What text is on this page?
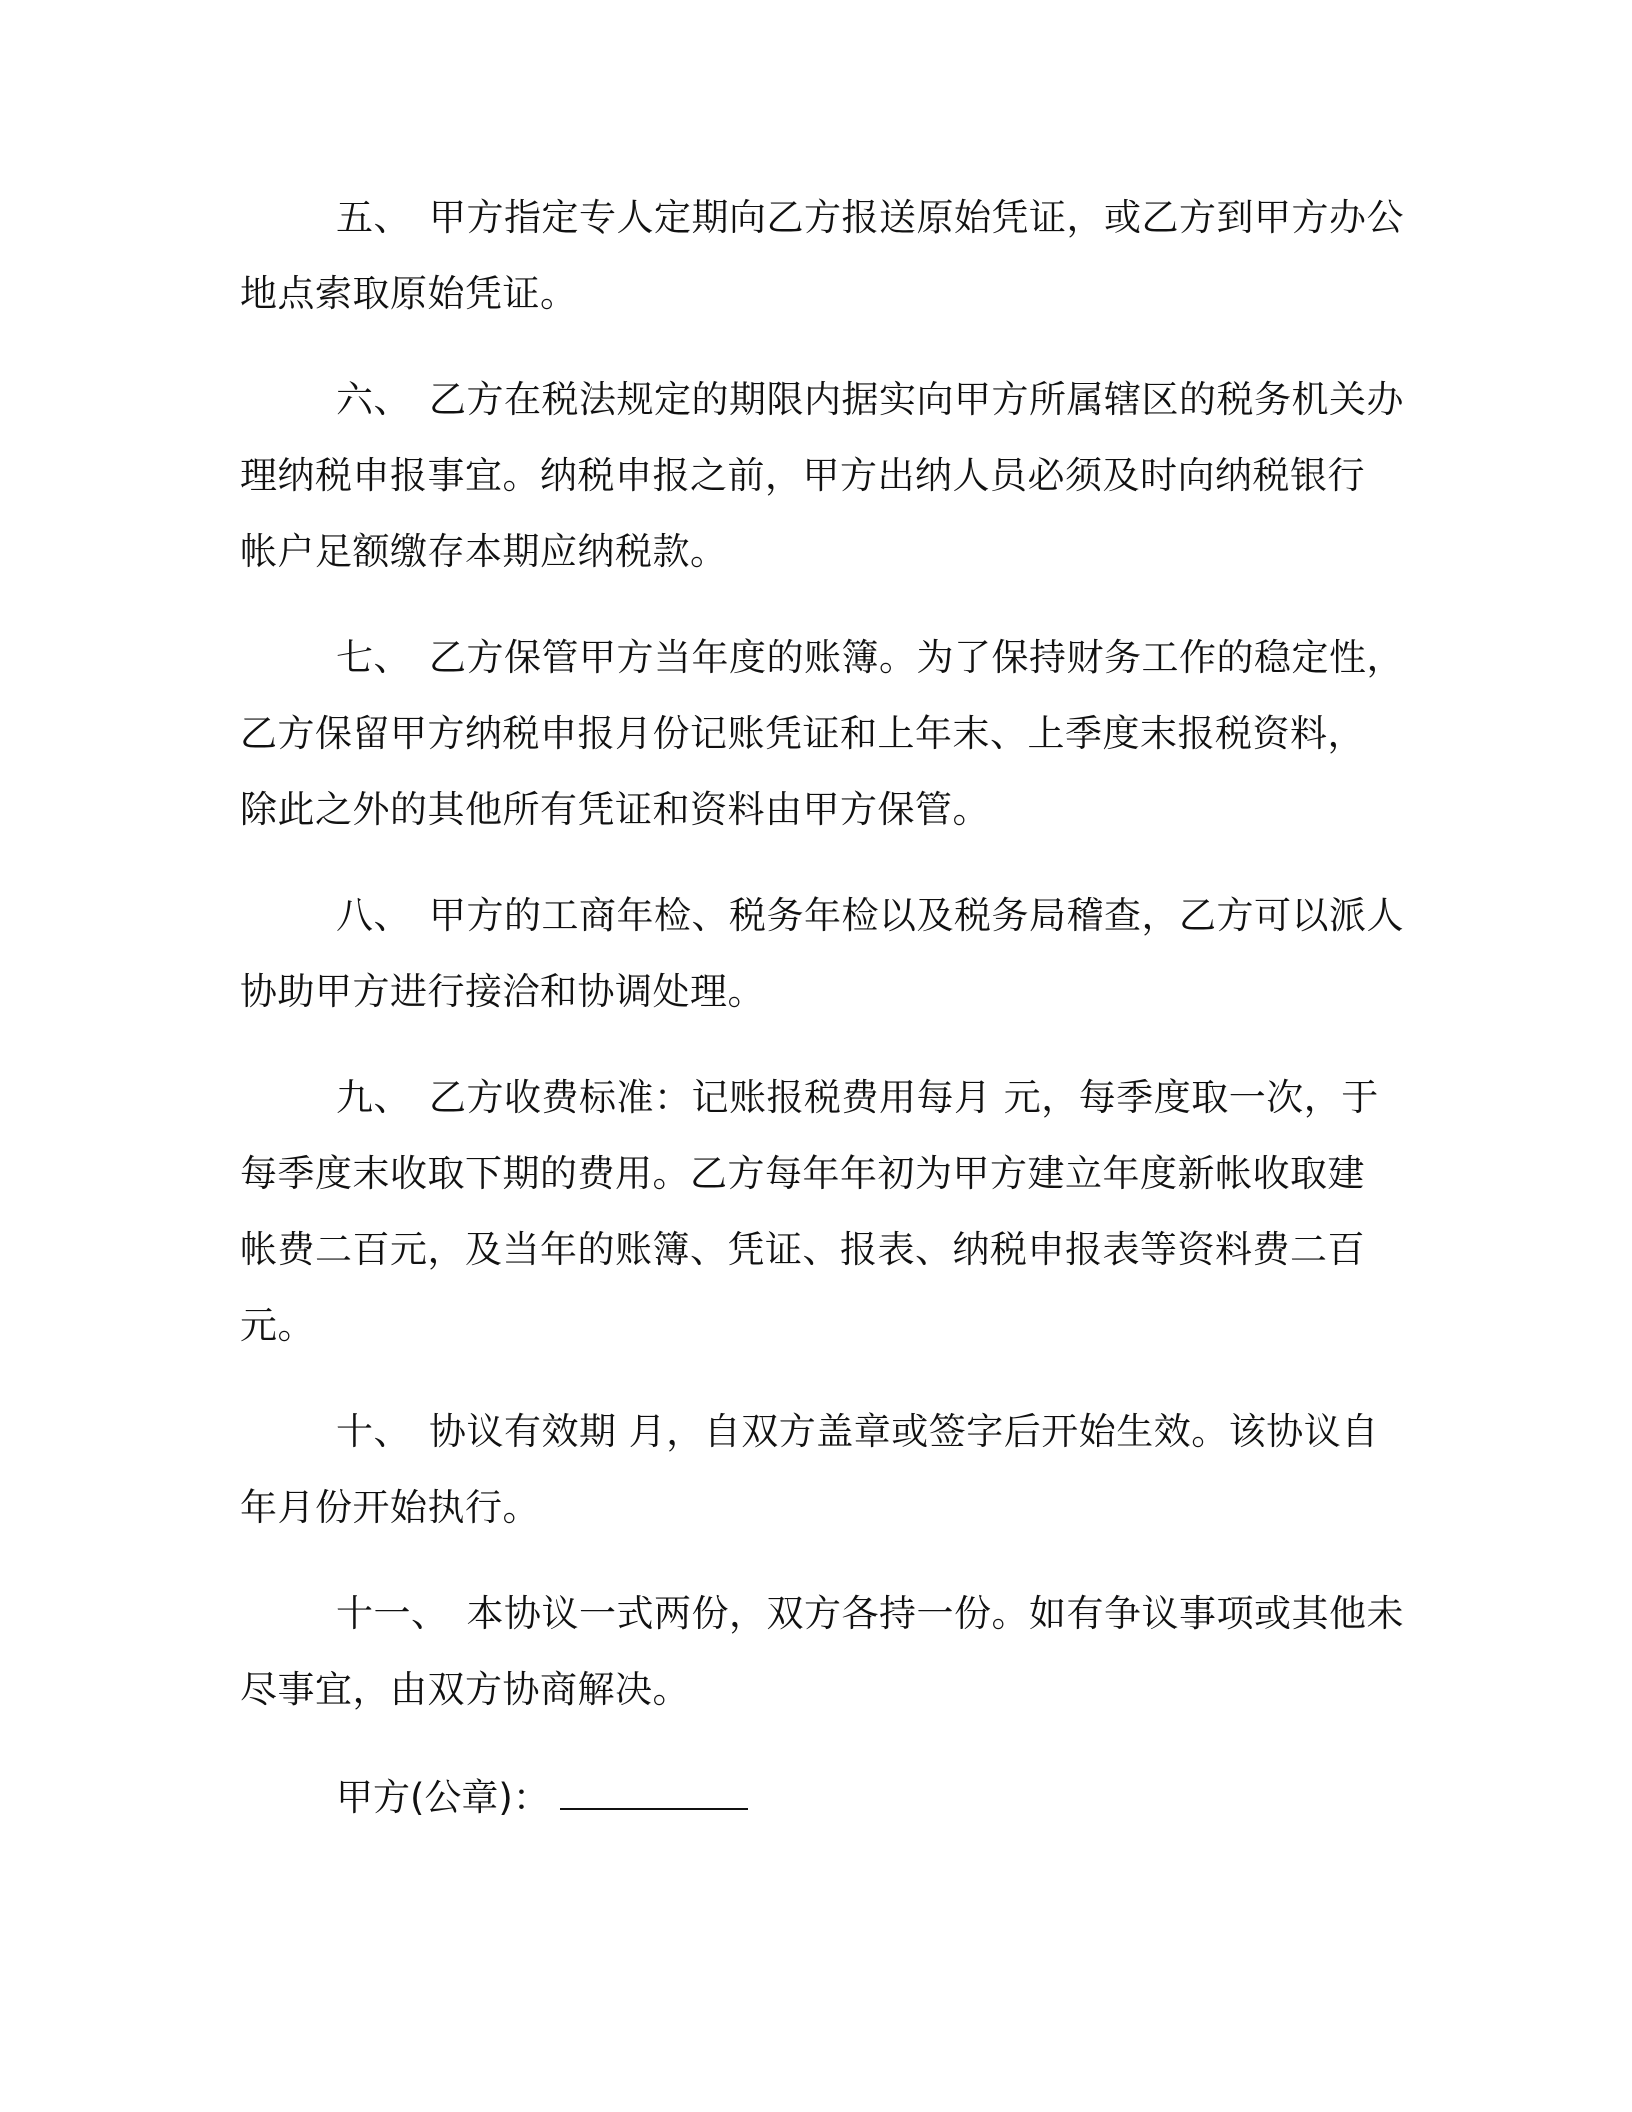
五、 甲方指定专人定期向乙方报送原始凭证，或乙方到甲方办公
地点索取原始凭证。
六、 乙方在税法规定的期限内据实向甲方所属辖区的税务机关办
理纳税申报事宜。纳税申报之前，甲方出纳人员必须及时向纳税银行
帐户足额缴存本期应纳税款。
七、 乙方保管甲方当年度的账簿。为了保持财务工作的稳定性，
乙方保留甲方纳税申报月份记账凭证和上年末、上季度末报税资料，
除此之外的其他所有凭证和资料由甲方保管。
八、 甲方的工商年检、税务年检以及税务局稽查，乙方可以派人
协助甲方进行接洽和协调处理。
九、 乙方收费标准：记账报税费用每月 元，每季度取一次，于
每季度末收取下期的费用。乙方每年年初为甲方建立年度新帐收取建
帐费二百元，及当年的账簿、凭证、报表、纳税申报表等资料费二百
元。
十、 协议有效期 月，自双方盖章或签字后开始生效。该协议自
年月份开始执行。
十一、 本协议一式两份，双方各持一份。如有争议事项或其他未
尽事宜，由双方协商解决。
甲方(公章)：
